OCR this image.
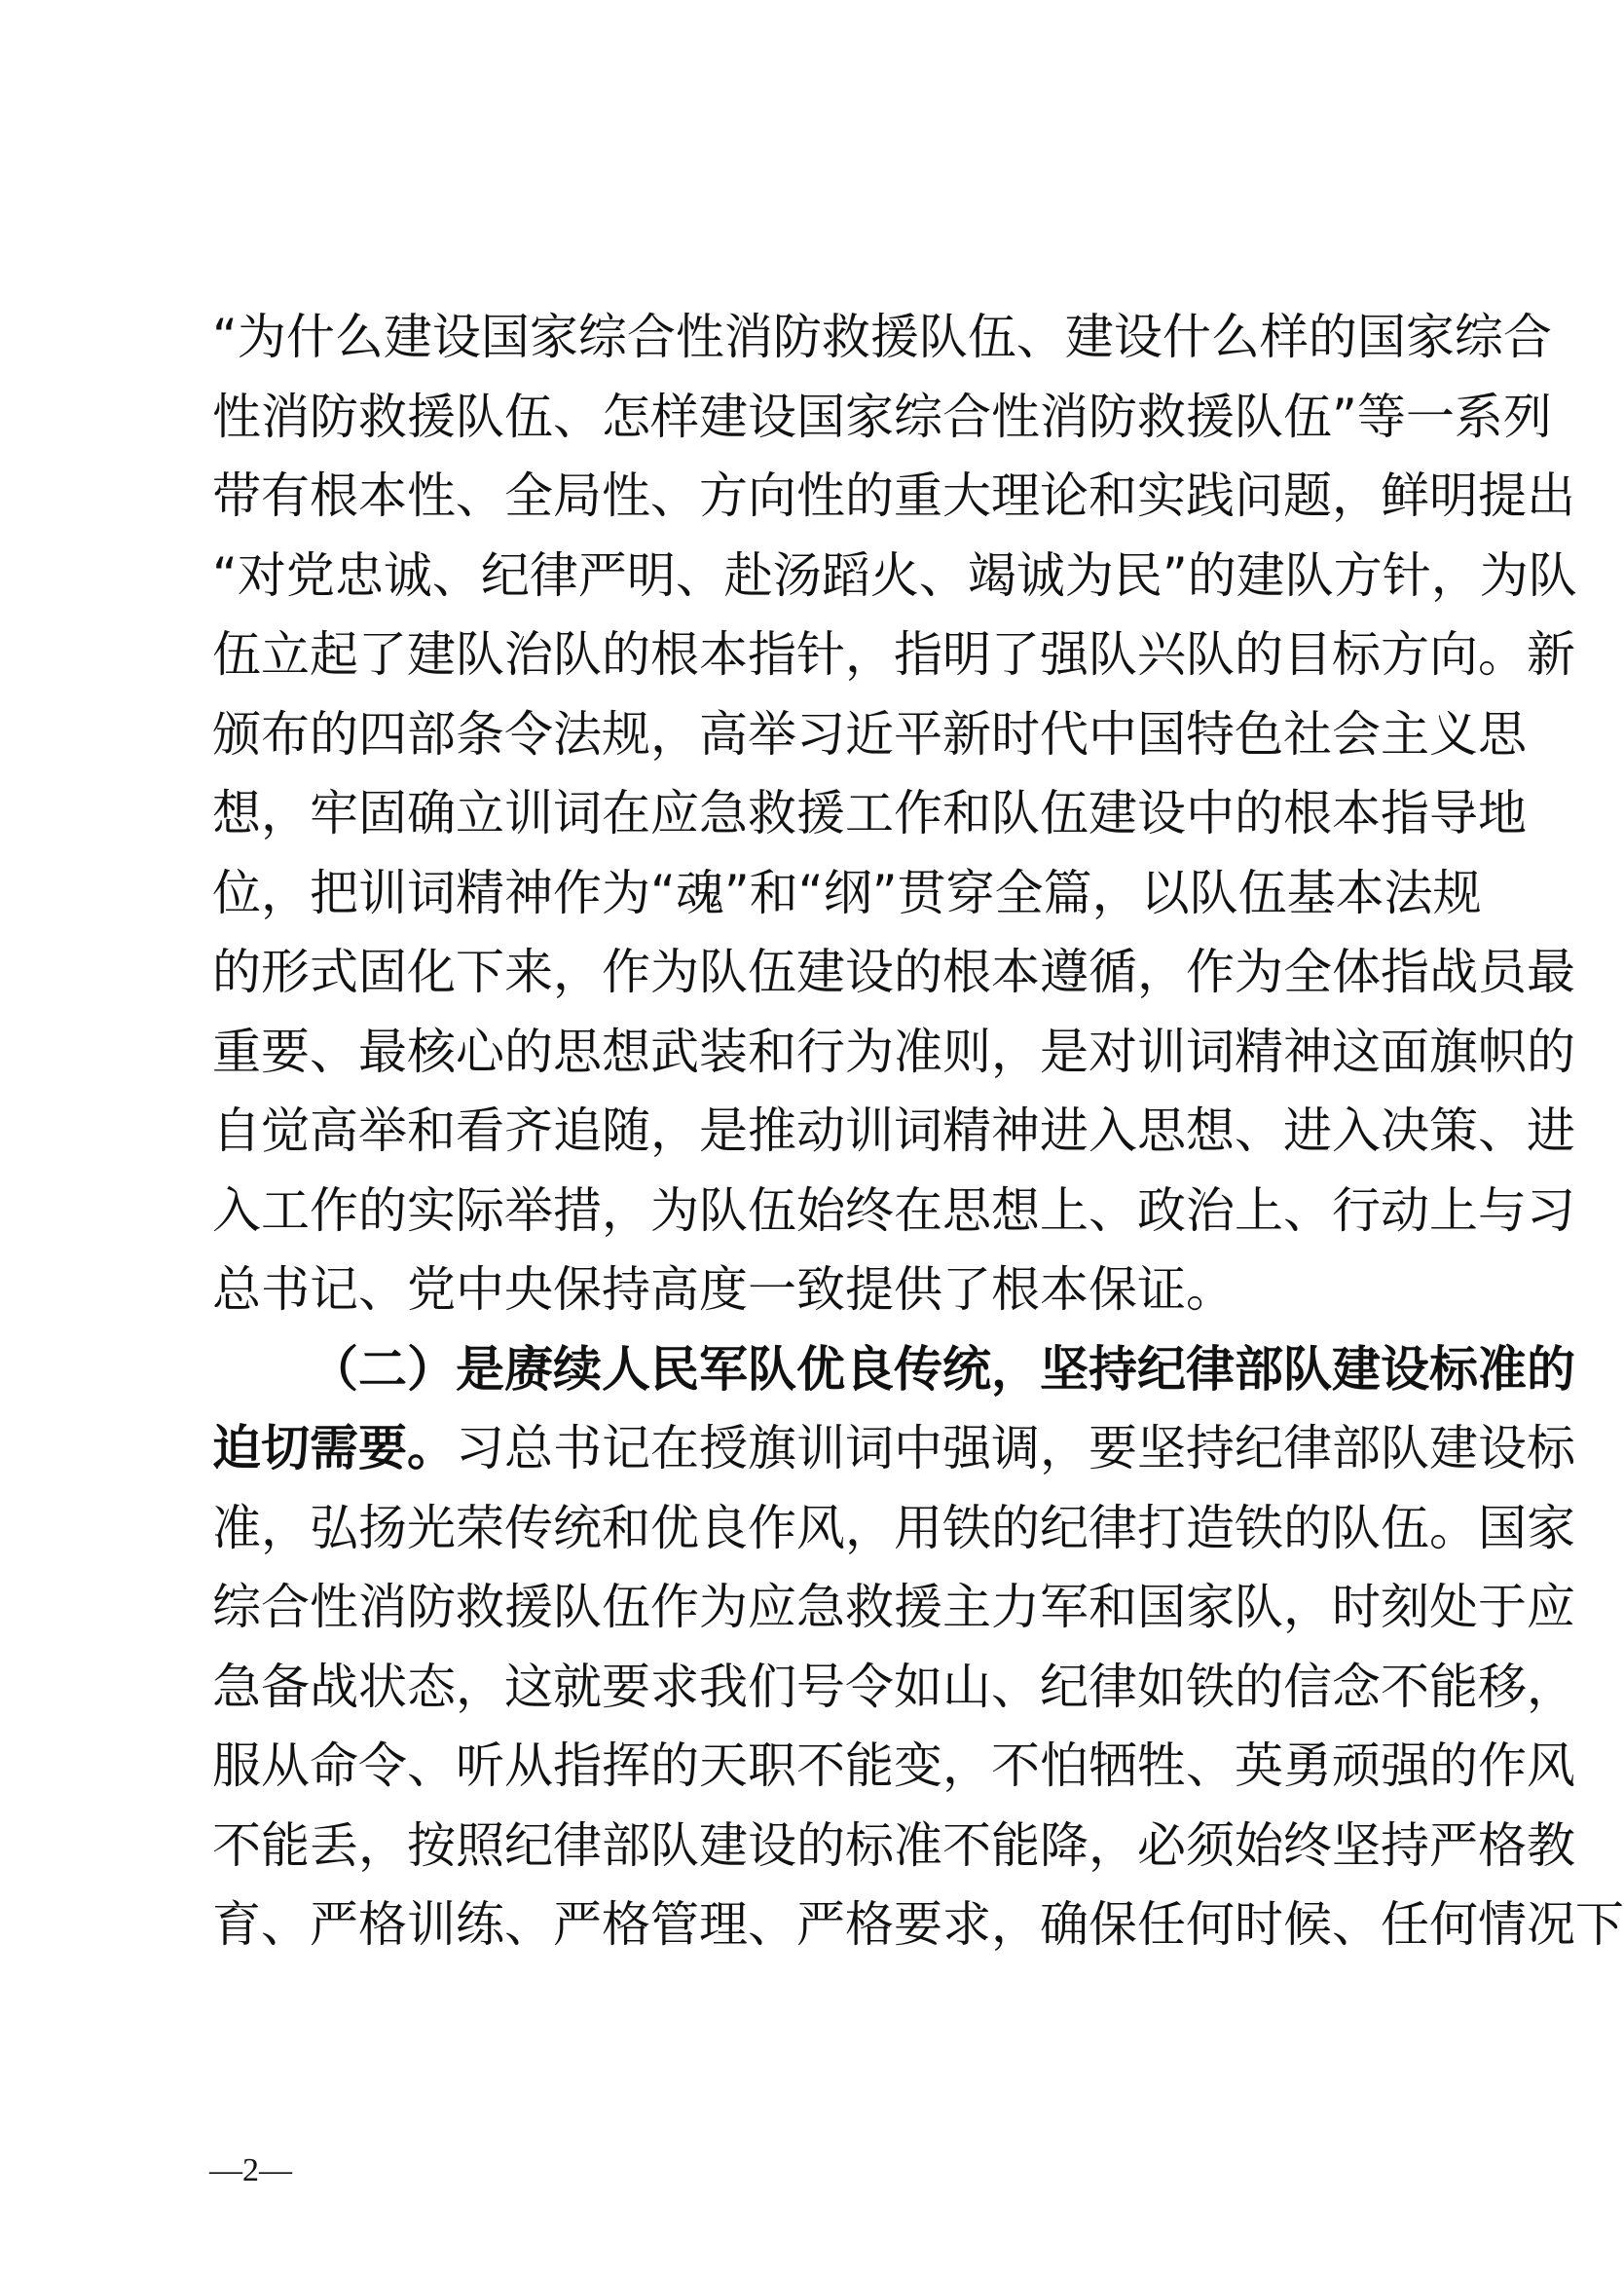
“为什么建设国家综合性消防救援队伍、建设什么样的国家综合
性消防救援队伍、怎样建设国家综合性消防救援队伍”等一系列
带有根本性、全局性、方向性的重大理论和实践问题，鲜明提出
“对党忠诚、纪律严明、赴汤蹈火、竭诚为民”的建队方针，为队
伍立起了建队治队的根本指针，指明了强队兴队的目标方向。新
颁布的四部条令法规，高举习近平新时代中国特色社会主义思
想，牢固确立训词在应急救援工作和队伍建设中的根本指导地
位，把训词精神作为“魂”和“纲”贯穿全篇，以队伍基本法规
的形式固化下来，作为队伍建设的根本遵循，作为全体指战员最
重要、最核心的思想武装和行为准则，是对训词精神这面旗帜的
自觉高举和看齐追随，是推动训词精神进入思想、进入决策、进
入工作的实际举措，为队伍始终在思想上、政治上、行动上与习
总书记、党中央保持高度一致提供了根本保证。
（二）是赓续人民军队优良传统，坚持纪律部队建设标准的
迫切需要。习总书记在授旗训词中强调，要坚持纪律部队建设标
准，弘扬光荣传统和优良作风，用铁的纪律打造铁的队伍。国家
综合性消防救援队伍作为应急救援主力军和国家队，时刻处于应
急备战状态，这就要求我们号令如山、纪律如铁的信念不能移，
服从命令、听从指挥的天职不能变，不怕牺牲、英勇顽强的作风
不能丢，按照纪律部队建设的标准不能降，必须始终坚持严格教
育、严格训练、严格管理、严格要求，确保任何时候、任何情况下
—2—
